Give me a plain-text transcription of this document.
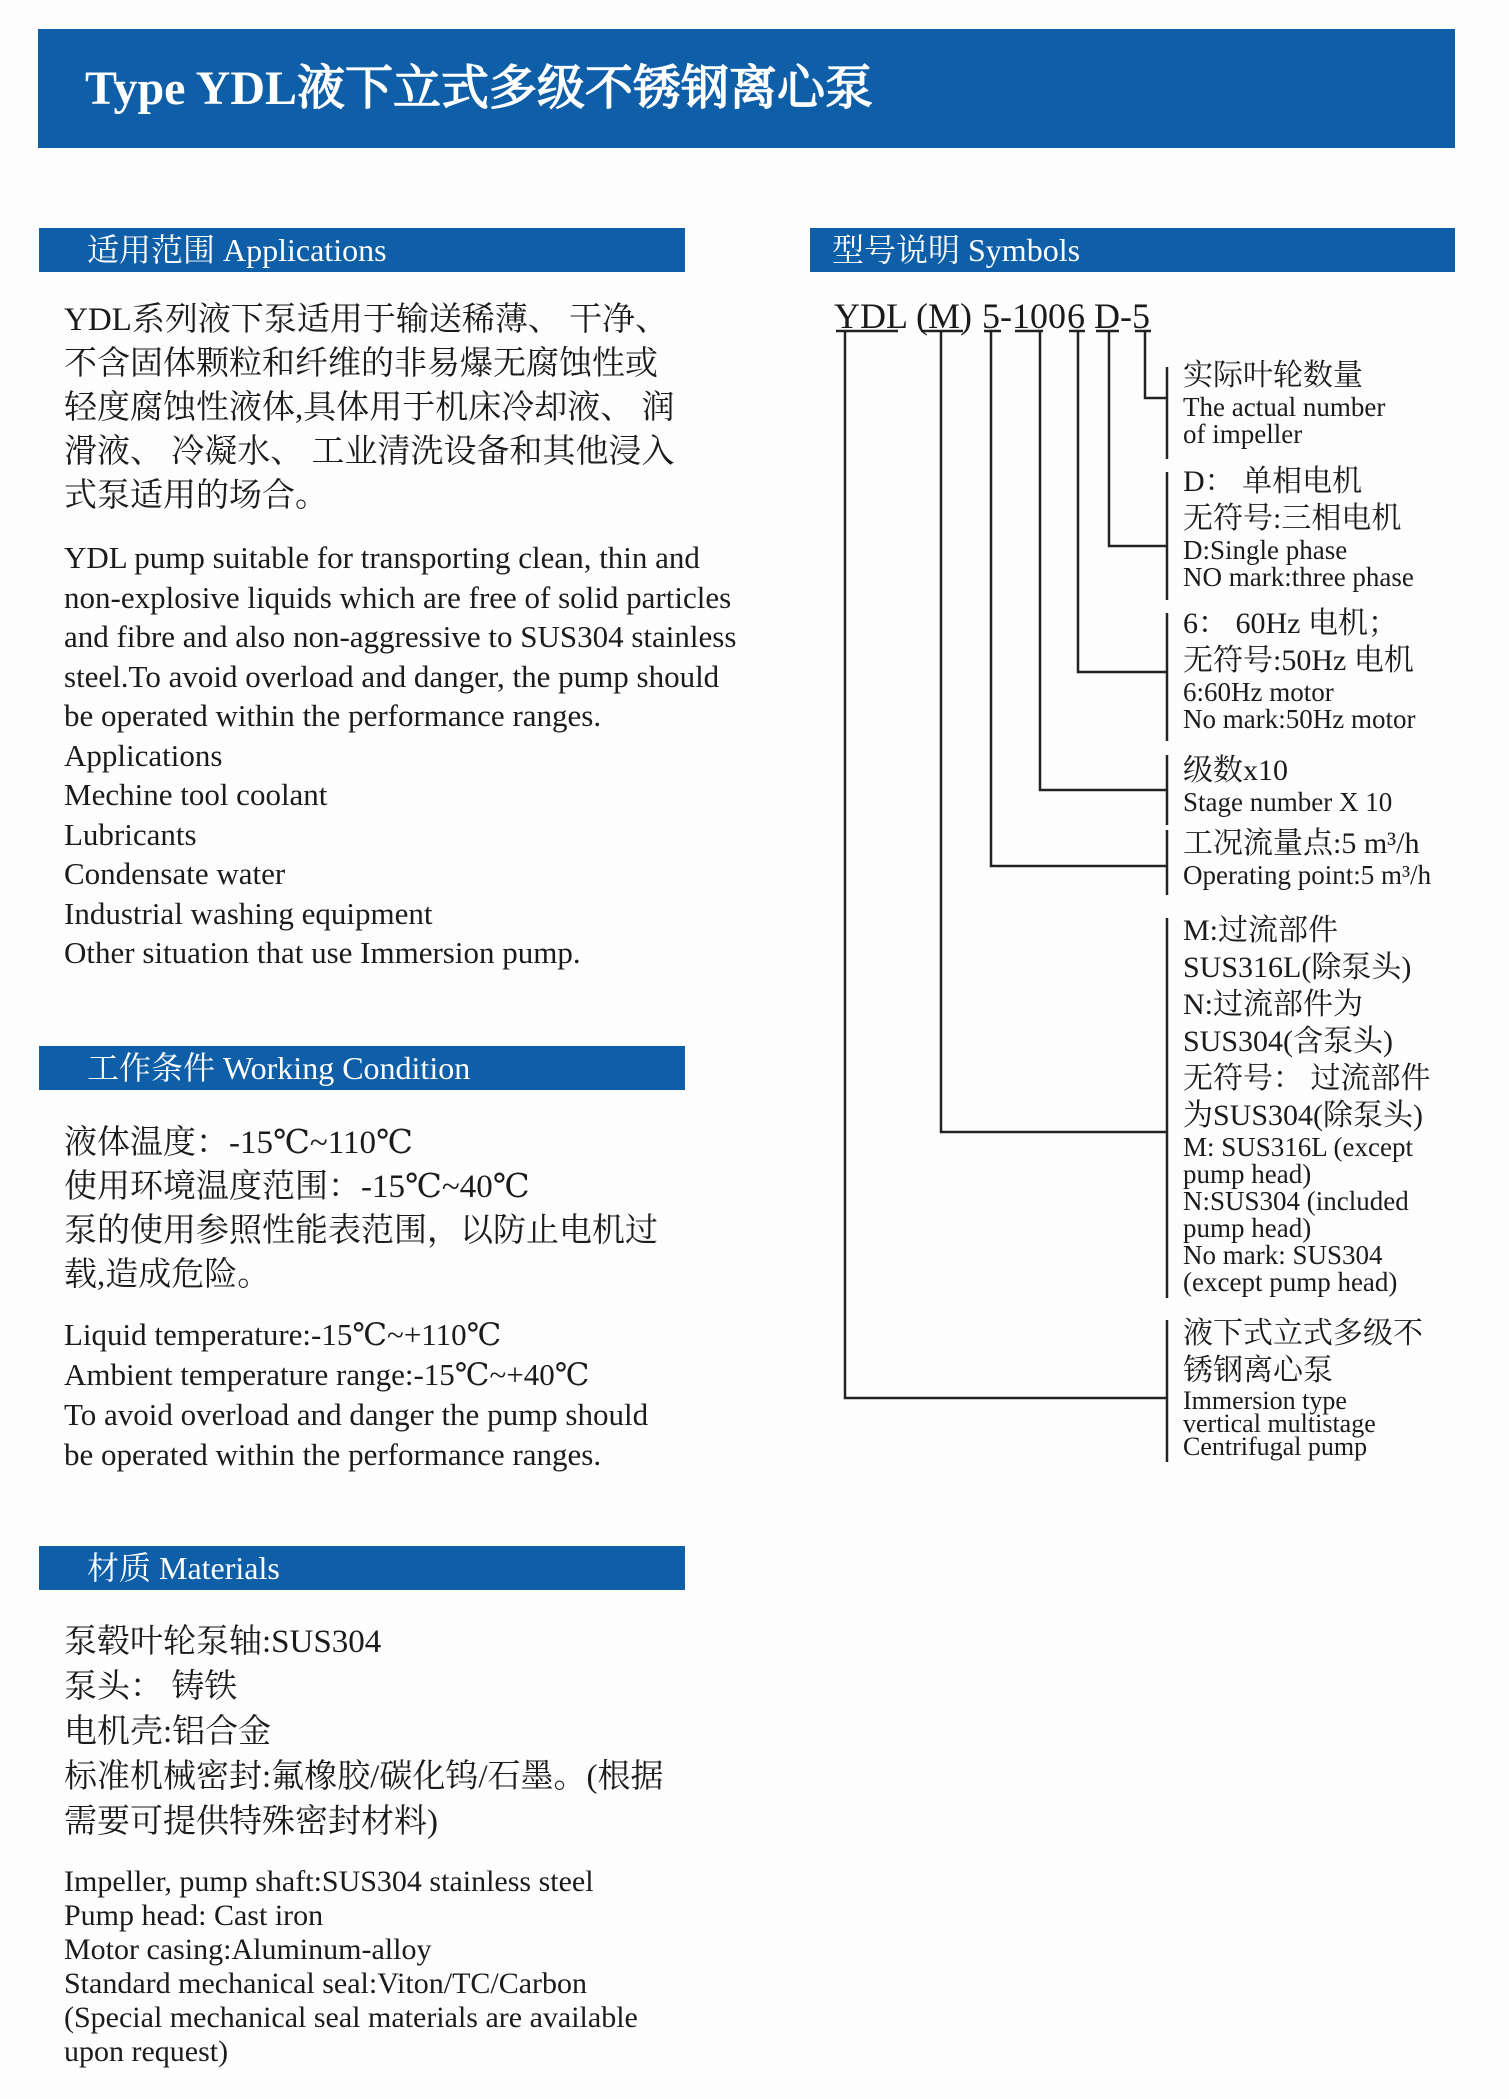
Type YDL液下立式多级不锈钢离心泵
适用范围 Applications
YDL系列液下泵适用于输送稀薄、 干净、
不含固体颗粒和纤维的非易爆无腐蚀性或
轻度腐蚀性液体,具体用于机床冷却液、 润
滑液、 冷凝水、 工业清洗设备和其他浸入
式泵适用的场合。
YDL pump suitable for transporting clean, thin and
non-explosive liquids which are free of solid particles
and fibre and also non-aggressive to SUS304 stainless
steel.To avoid overload and danger, the pump should
be operated within the performance ranges.
Applications
Mechine tool coolant
Lubricants
Condensate water
Industrial washing equipment
Other situation that use Immersion pump.
工作条件 Working Condition
液体温度：-15℃~110℃
使用环境温度范围：-15℃~40℃
泵的使用参照性能表范围，以防止电机过
载,造成危险。
Liquid temperature:-15℃~+110℃
Ambient temperature range:-15℃~+40℃
To avoid overload and danger the pump should
be operated within the performance ranges.
材质 Materials
泵毂叶轮泵轴:SUS304
泵头： 铸铁
电机壳:铝合金
标准机械密封:氟橡胶/碳化钨/石墨。(根据
需要可提供特殊密封材料)
Impeller, pump shaft:SUS304 stainless steel
Pump head: Cast iron
Motor casing:Aluminum-alloy
Standard mechanical seal:Viton/TC/Carbon
(Special mechanical seal materials are available
upon request)
型号说明 Symbols
YDL (M) 5-100 6 D-5
实际叶轮数量
The actual number
of impeller
D： 单相电机
无符号:三相电机
D:Single phase
NO mark:three phase
6： 60Hz 电机；
无符号:50Hz 电机
6:60Hz motor
No mark:50Hz motor
级数x10
Stage number X 10
工况流量点:5 m³/h
Operating point:5 m³/h
M:过流部件
SUS316L(除泵头)
N:过流部件为
SUS304(含泵头)
无符号： 过流部件
为SUS304(除泵头)
M: SUS316L (except
pump head)
N:SUS304 (included
pump head)
No mark: SUS304
(except pump head)
液下式立式多级不
锈钢离心泵
Immersion type
vertical multistage
Centrifugal pump
